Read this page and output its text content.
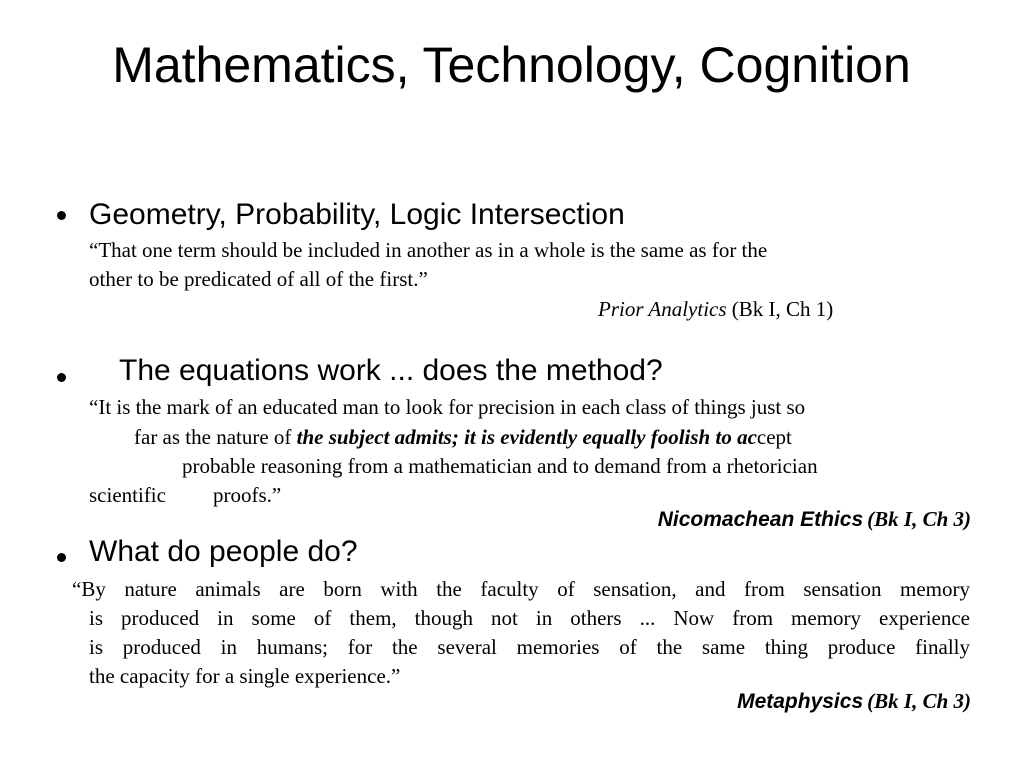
Mathematics, Technology, Cognition
Geometry, Probability, Logic Intersection
“That one term should be included in another as in a whole is the same as for the
other to be predicated of all of the first.”
Prior Analytics (Bk I, Ch 1)
The equations work ... does the method?
“It is the mark of an educated man to look for precision in each class of things just so
far as the nature of the subject admits; it is evidently equally foolish to accept
probable reasoning from a mathematician and to demand from a rhetorician
scientific proofs.”
Nicomachean Ethics (Bk I, Ch 3)
What do people do?
“By nature animals are born with the faculty of sensation, and from sensation memory
is produced in some of them, though not in others ... Now from memory experience
is produced in humans; for the several memories of the same thing produce finally
the capacity for a single experience.”
Metaphysics (Bk I, Ch 3)
